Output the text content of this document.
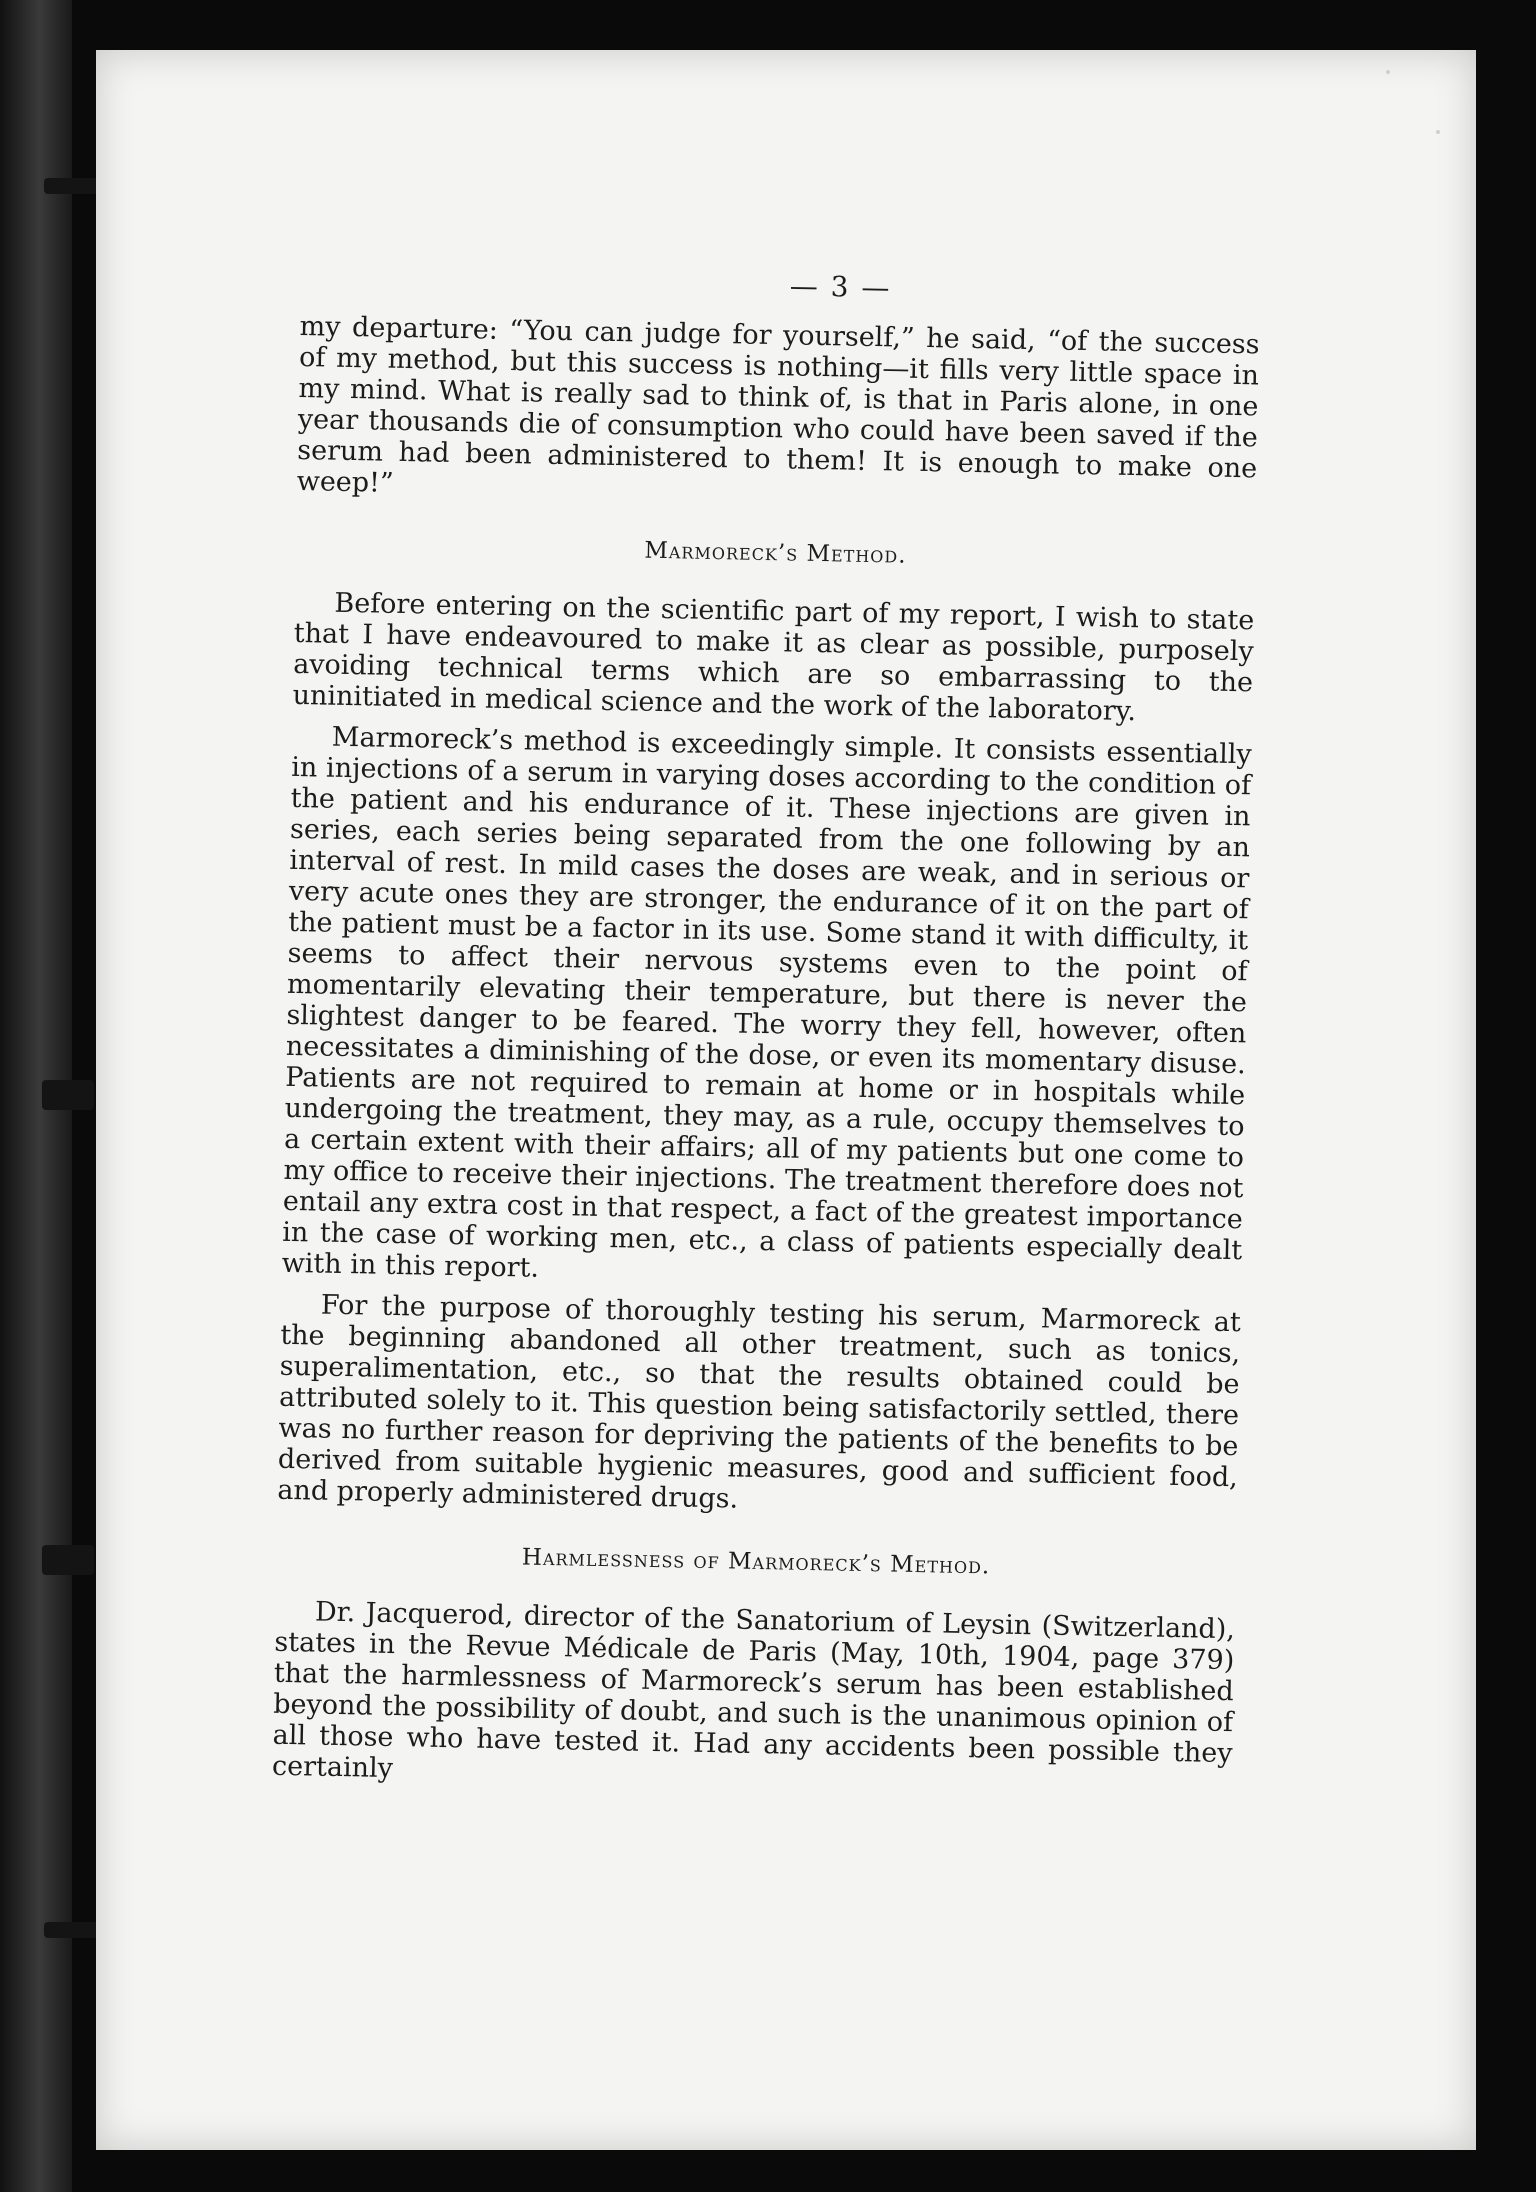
— 3 —

my departure: “You can judge for yourself,” he said, “of the success of my method, but this success is nothing—it fills very little space in my mind. What is really sad to think of, is that in Paris alone, in one year thousands die of consumption who could have been saved if the serum had been administered to them! It is enough to make one weep!”

Marmoreck’s Method.

Before entering on the scientific part of my report, I wish to state that I have endeavoured to make it as clear as possible, purposely avoiding technical terms which are so embarrassing to the uninitiated in medical science and the work of the laboratory.

Marmoreck’s method is exceedingly simple. It consists essentially in injections of a serum in varying doses according to the condition of the patient and his endurance of it. These injections are given in series, each series being separated from the one following by an interval of rest. In mild cases the doses are weak, and in serious or very acute ones they are stronger, the endurance of it on the part of the patient must be a factor in its use. Some stand it with difficulty, it seems to affect their nervous systems even to the point of momentarily elevating their temperature, but there is never the slightest danger to be feared. The worry they fell, however, often necessitates a diminishing of the dose, or even its momentary disuse. Patients are not required to remain at home or in hospitals while undergoing the treatment, they may, as a rule, occupy themselves to a certain extent with their affairs; all of my patients but one come to my office to receive their injections. The treatment therefore does not entail any extra cost in that respect, a fact of the greatest importance in the case of working men, etc., a class of patients especially dealt with in this report.

For the purpose of thoroughly testing his serum, Marmoreck at the beginning abandoned all other treatment, such as tonics, superalimentation, etc., so that the results obtained could be attributed solely to it. This question being satisfactorily settled, there was no further reason for depriving the patients of the benefits to be derived from suitable hygienic measures, good and sufficient food, and properly administered drugs.

Harmlessness of Marmoreck’s Method.

Dr. Jacquerod, director of the Sanatorium of Leysin (Switzerland), states in the Revue Médicale de Paris (May, 10th, 1904, page 379) that the harmlessness of Marmoreck’s serum has been established beyond the possibility of doubt, and such is the unanimous opinion of all those who have tested it. Had any accidents been possible they certainly
